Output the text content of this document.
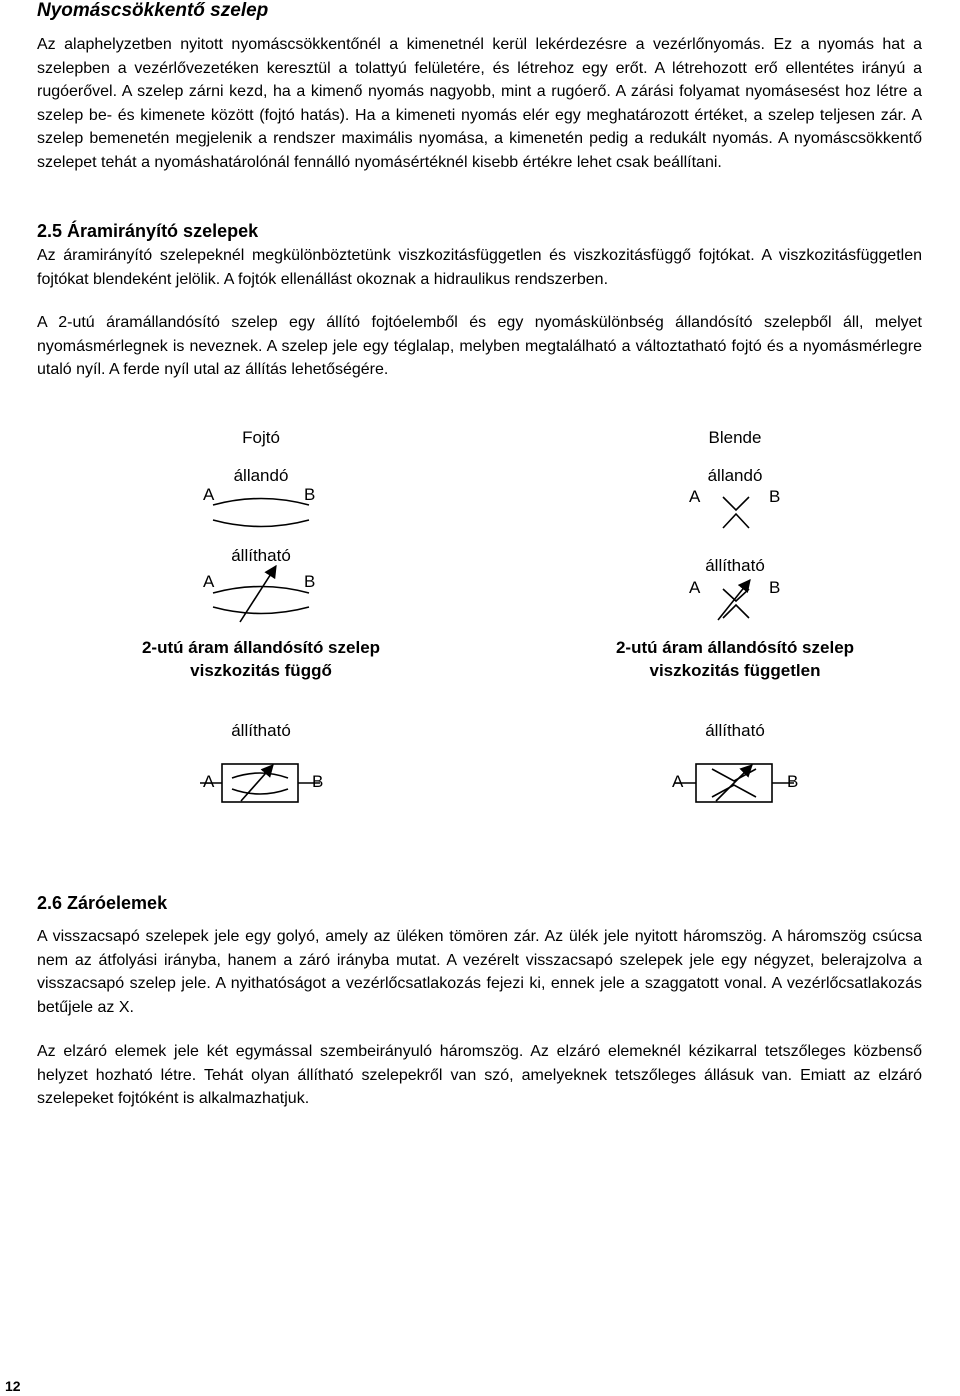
Nyomáscsökkentő szelep

Az alaphelyzetben nyitott nyomáscsökkentőnél a kimenetnél kerül lekérdezésre a vezérlőnyomás. Ez a nyomás hat a szelepben a vezérlővezetéken keresztül a tolattyú felületére, és létrehoz egy erőt. A létrehozott erő ellentétes irányú a rugóerővel. A szelep zárni kezd, ha a kimenő nyomás nagyobb, mint a rugóerő. A zárási folyamat nyomásesést hoz létre a szelep be- és kimenete között (fojtó hatás). Ha a kimeneti nyomás elér egy meghatározott értéket, a szelep teljesen zár. A szelep bemenetén megjelenik a rendszer maximális nyomása, a kimenetén pedig a redukált nyomás. A nyomáscsökkentő szelepet tehát a nyomáshatárolónál fennálló nyomásértéknél kisebb értékre lehet csak beállítani.

2.5 Áramirányító szelepek

Az áramirányító szelepeknél megkülönböztetünk viszkozitásfüggetlen és viszkozitásfüggő fojtókat. A viszkozitásfüggetlen fojtókat blendeként jelölik. A fojtók ellenállást okoznak a hidraulikus rendszerben.

A 2-utú áramállandósító szelep egy állító fojtóelemből és egy nyomáskülönbség állandósító szelepből áll, melyet nyomásmérlegnek is neveznek. A szelep jele egy téglalap, melyben megtalálható a változtatható fojtó és a nyomásmérlegre utaló nyíl. A ferde nyíl utal az állítás lehetőségére.

Fojtó
állandó
A	B
állítható
A	B
2-utú áram állandósító szelep
viszkozitás függő
állítható
A	B
Blende
állandó
A	B
állítható
A	B
2-utú áram állandósító szelep
viszkozitás független
állítható
A	B
2.6 Záróelemek

A visszacsapó szelepek jele egy golyó, amely az üléken tömören zár. Az ülék jele nyitott háromszög. A háromszög csúcsa nem az átfolyási irányba, hanem a záró irányba mutat. A vezérelt visszacsapó szelepek jele egy négyzet, belerajzolva a visszacsapó szelep jele. A nyithatóságot a vezérlőcsatlakozás fejezi ki, ennek jele a szaggatott vonal. A vezérlőcsatlakozás betűjele az X.

Az elzáró elemek jele két egymással szembeirányuló háromszög. Az elzáró elemeknél kézikarral tetszőleges közbenső helyzet hozható létre. Tehát olyan állítható szelepekről van szó, amelyeknek tetszőleges állásuk van. Emiatt az elzáró szelepeket fojtóként is alkalmazhatjuk.

12
